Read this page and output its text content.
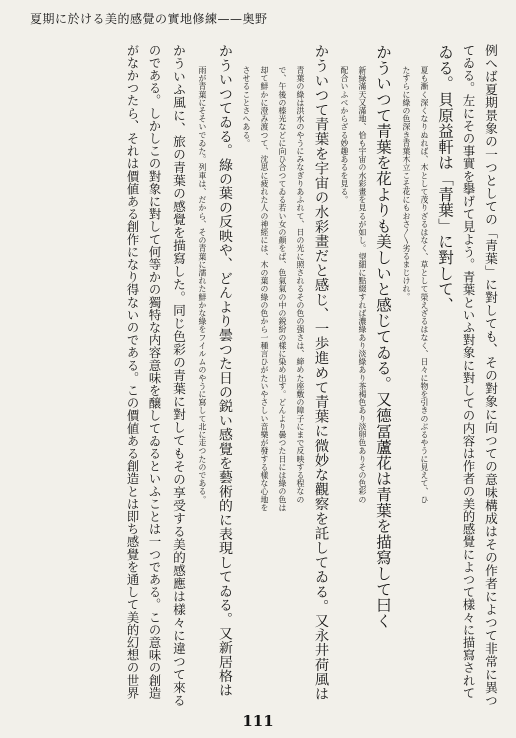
夏期に於ける美的感覺の實地修練——奥野
例へば夏期景象の一つとしての「青葉」に對しても、その對象に向つての意味構成はその作者によつて非常に異つ
てゐる。左にその事實を擧げて見よう。青葉といふ對象に對しての内容は作者の美的感覺によつて樣々に描寫されて
ゐる。貝原益軒は「青葉」に對して、
夏も漸く深くなりぬれば、木として茂りざるはなく、草として榮えざるはなく、日々に物を引きのぶるやうに見えて、ひ
たすらに綠の色深き青葉木立こそ花にもおさ〳〵劣るまじけれ。
かういつて青葉を花よりも美しいと感じてゐる。又德冨蘆花は青葉を描寫して曰く
新緑滿天又滿地、恰も宇宙の水彩畫を見るが如し。望細に點綴すれば濃綠あり淡綠あり茶褐色あり淡卵色ありその色彩の
配合いふべからざる妙趣あるを見る。
かういつて青葉を宇宙の水彩畫だと感じ、一歩進めて青葉に微妙な觀察を託してゐる。又永井荷風は
青葉の綠は洪水のやうにみなぎりあふれて、日の光に照されるその色の强さは、締めた座敷の障子にまで反映する程なの
で、午後の榛光などに向ひ合つてゐる若い女の顏をば、色氣氣の中の鋭紛の樣に染め出す。どんより曇つた日には綠の色は
却て鮮かに澄み渡つて、沈思に疲れた人の神經には、木の葉の綠の色から一種言ひがたいやさしい音樂が發する樣な心地を
させることさへある。
かういつてゐる。綠の葉の反映や、どんより曇つた日の鋭い感覺を藝術的に表現してゐる。又新居格は
雨が青葉にそそいでゐた。列車は、だから、その青葉に濡れた鮮かな綠をフイルムのやうに寫して北に走つたのである。
かういふ風に、旅の青葉の感覺を描寫した。同じ色彩の青葉に對してもその享受する美的感應は樣々に違つて來る
のである。しかしこの對象に對して何等かの獨特な内容意味を醸してゐるといふことは一つである。この意味の創造
がなかつたら、それは價値ある創作になり得ないのである。この價値ある創造とは即ち感覺を通して美的幻想の世界
111
